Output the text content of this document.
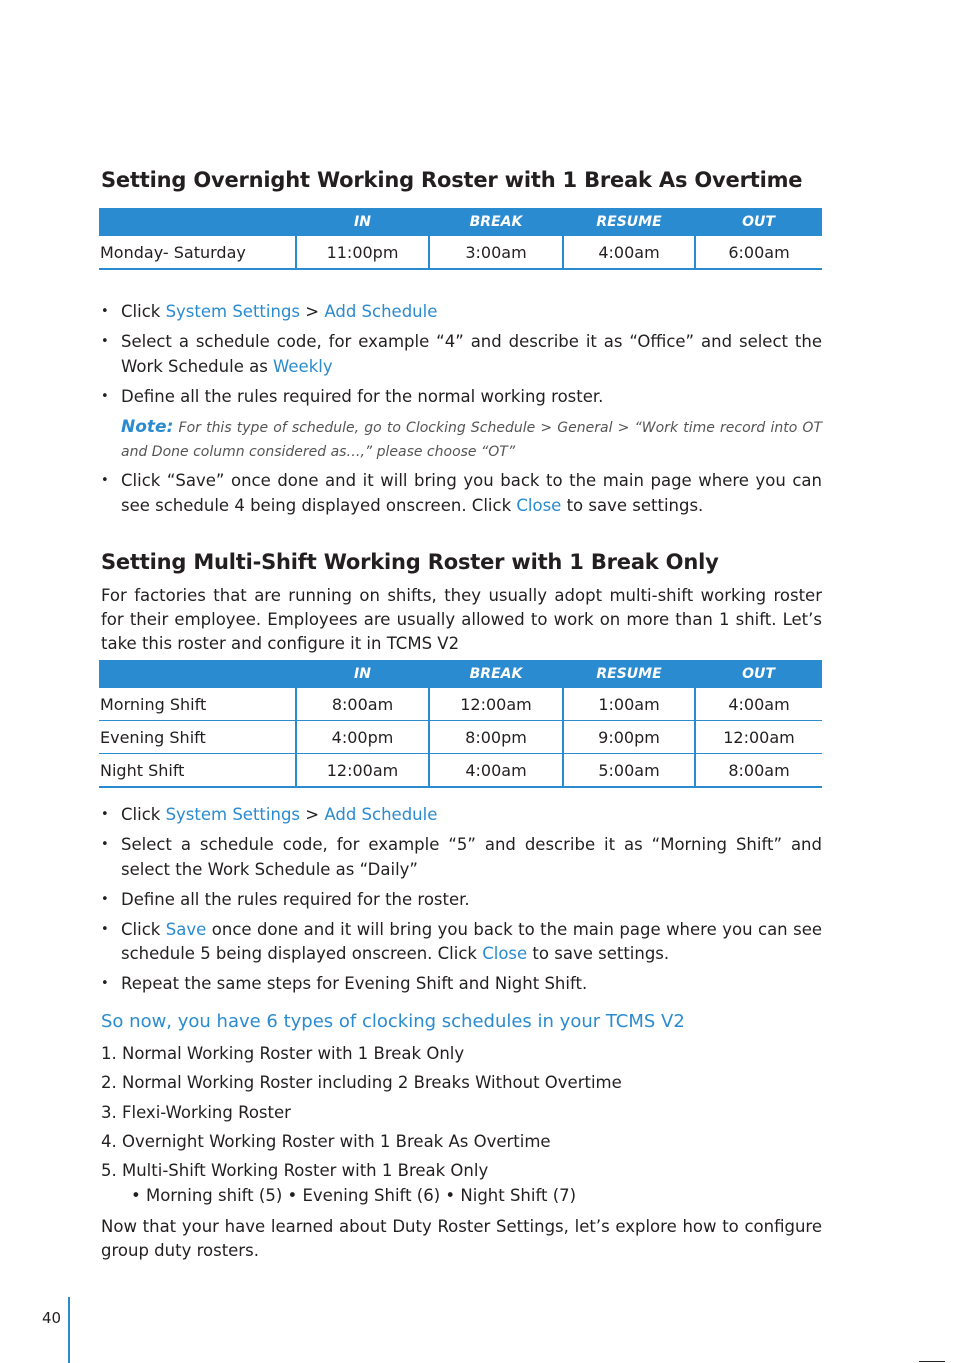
Setting Overnight Working Roster with 1 Break As Overtime
	IN	BREAK	RESUME	OUT
Monday- Saturday	11:00pm	3:00am	4:00am	6:00am
• Click System Settings > Add Schedule
• Select a schedule code, for example “4” and describe it as “Office” and select the Work Schedule as Weekly
• Define all the rules required for the normal working roster.
Note: For this type of schedule, go to Clocking Schedule > General > “Work time record into OT and Done column considered as…,” please choose “OT”
• Click “Save” once done and it will bring you back to the main page where you can see schedule 4 being displayed onscreen. Click Close to save settings.
Setting Multi-Shift Working Roster with 1 Break Only

For factories that are running on shifts, they usually adopt multi-shift working roster for their employee. Employees are usually allowed to work on more than 1 shift. Let’s take this roster and configure it in TCMS V2

	IN	BREAK	RESUME	OUT
Morning Shift	8:00am	12:00am	1:00am	4:00am
Evening Shift	4:00pm	8:00pm	9:00pm	12:00am
Night Shift	12:00am	4:00am	5:00am	8:00am
• Click System Settings > Add Schedule
• Select a schedule code, for example “5” and describe it as “Morning Shift” and select the Work Schedule as “Daily”
• Define all the rules required for the roster.
• Click Save once done and it will bring you back to the main page where you can see schedule 5 being displayed onscreen. Click Close to save settings.
• Repeat the same steps for Evening Shift and Night Shift.
So now, you have 6 types of clocking schedules in your TCMS V2
1. Normal Working Roster with 1 Break Only
2. Normal Working Roster including 2 Breaks Without Overtime
3. Flexi-Working Roster
4. Overnight Working Roster with 1 Break As Overtime
5. Multi-Shift Working Roster with 1 Break Only
• Morning shift (5) • Evening Shift (6) • Night Shift (7)

Now that your have learned about Duty Roster Settings, let’s explore how to configure group duty rosters.

40
